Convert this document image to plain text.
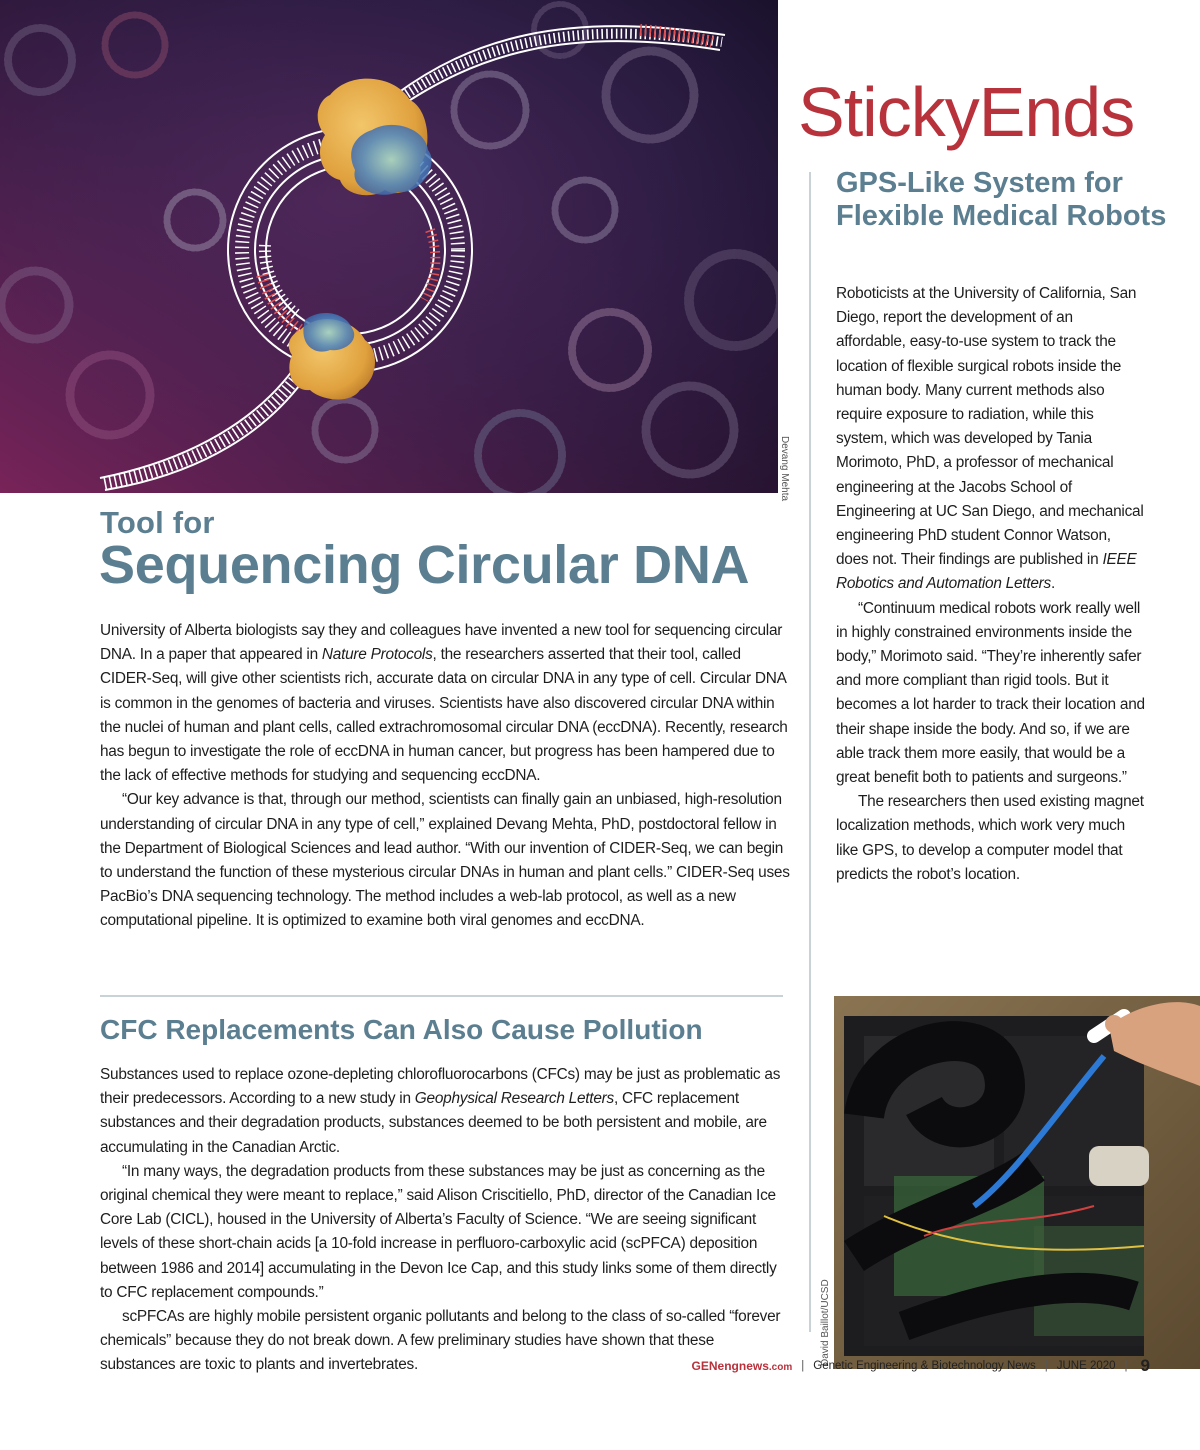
Devang Mehta
Tool for
Sequencing Circular DNA

University of Alberta biologists say they and colleagues have invented a new tool for sequencing circular DNA. In a paper that appeared in Nature Protocols, the researchers asserted that their tool, called CIDER-Seq, will give other scientists rich, accurate data on circular DNA in any type of cell. Circular DNA is common in the genomes of bacteria and viruses. Scientists have also discovered circular DNA within the nuclei of human and plant cells, called extrachromosomal circular DNA (eccDNA). Recently, research has begun to investigate the role of eccDNA in human cancer, but progress has been hampered due to the lack of effective methods for studying and sequencing eccDNA.

“Our key advance is that, through our method, scientists can finally gain an unbiased, high-resolution understanding of circular DNA in any type of cell,” explained Devang Mehta, PhD, postdoctoral fellow in the Department of Biological Sciences and lead author. “With our invention of CIDER-Seq, we can begin to understand the function of these mysterious circular DNAs in human and plant cells.” CIDER-Seq uses PacBio’s DNA sequencing technology. The method includes a web-lab protocol, as well as a new computational pipeline. It is optimized to examine both viral genomes and eccDNA.

CFC Replacements Can Also Cause Pollution

Substances used to replace ozone-depleting chlorofluorocarbons (CFCs) may be just as problematic as their predecessors. According to a new study in Geophysical Research Letters, CFC replacement substances and their degradation products, substances deemed to be both persistent and mobile, are accumulating in the Canadian Arctic.

“In many ways, the degradation products from these substances may be just as concerning as the original chemical they were meant to replace,” said Alison Criscitiello, PhD, director of the Canadian Ice Core Lab (CICL), housed in the University of Alberta’s Faculty of Science. “We are seeing significant levels of these short-chain acids [a 10-fold increase in perfluoro-carboxylic acid (scPFCA) deposition between 1986 and 2014] accumulating in the Devon Ice Cap, and this study links some of them directly to CFC replacement compounds.”

scPFCAs are highly mobile persistent organic pollutants and belong to the class of so-called “forever chemicals” because they do not break down. A few preliminary studies have shown that these substances are toxic to plants and invertebrates.

StickyEnds
GPS-Like System for Flexible Medical Robots

Roboticists at the University of California, San Diego, report the development of an affordable, easy-to-use system to track the location of flexible surgical robots inside the human body. Many current methods also require exposure to radiation, while this system, which was developed by Tania Morimoto, PhD, a professor of mechanical engineering at the Jacobs School of Engineering at UC San Diego, and mechanical engineering PhD student Connor Watson, does not. Their findings are published in IEEE Robotics and Automation Letters.

“Continuum medical robots work really well in highly constrained environments inside the body,” Morimoto said. “They’re inherently safer and more compliant than rigid tools. But it becomes a lot harder to track their location and their shape inside the body. And so, if we are able track them more easily, that would be a great benefit both to patients and surgeons.”

The researchers then used existing magnet localization methods, which work very much like GPS, to develop a computer model that predicts the robot’s location.

David Baillot/UCSD
GENengnews.com | Genetic Engineering & Biotechnology News | JUNE 2020 | 9
